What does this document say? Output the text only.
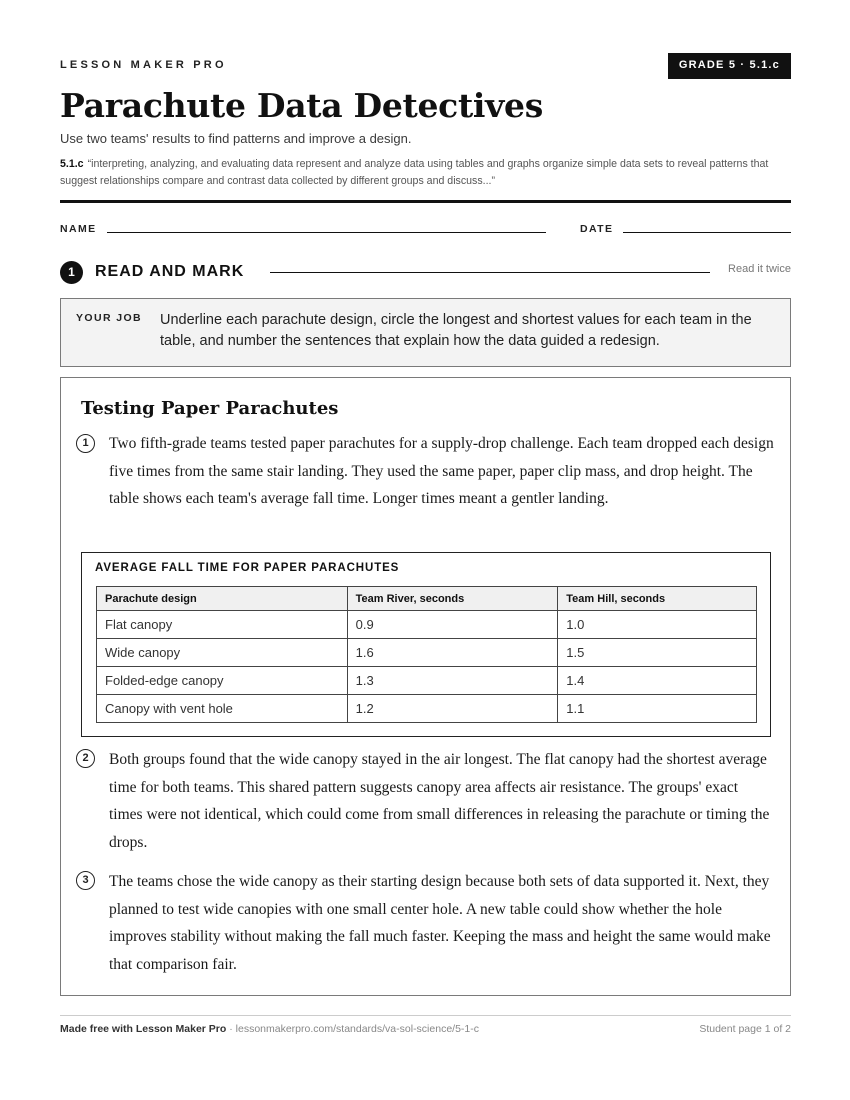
LESSON MAKER PRO	GRADE 5 · 5.1.c
Parachute Data Detectives
Use two teams' results to find patterns and improve a design.
5.1.c “interpreting, analyzing, and evaluating data represent and analyze data using tables and graphs organize simple data sets to reveal patterns that suggest relationships compare and contrast data collected by different groups and discuss...”
NAME	DATE
1	READ AND MARK	Read it twice
YOUR JOB Underline each parachute design, circle the longest and shortest values for each team in the table, and number the sentences that explain how the data guided a redesign.
Testing Paper Parachutes
1	Two fifth-grade teams tested paper parachutes for a supply-drop challenge. Each team dropped each design five times from the same stair landing. They used the same paper, paper clip mass, and drop height. The table shows each team's average fall time. Longer times meant a gentler landing.

AVERAGE FALL TIME FOR PAPER PARACHUTES
Parachute design	Team River, seconds	Team Hill, seconds
Flat canopy	0.9	1.0
Wide canopy	1.6	1.5
Folded-edge canopy	1.3	1.4
Canopy with vent hole	1.2	1.1
2	Both groups found that the wide canopy stayed in the air longest. The flat canopy had the shortest average time for both teams. This shared pattern suggests canopy area affects air resistance. The groups' exact times were not identical, which could come from small differences in releasing the parachute or timing the drops.

3	The teams chose the wide canopy as their starting design because both sets of data supported it. Next, they planned to test wide canopies with one small center hole. A new table could show whether the hole improves stability without making the fall much faster. Keeping the mass and height the same would make that comparison fair.

Made free with Lesson Maker Pro · lessonmakerpro.com/standards/va-sol-science/5-1-c	Student page 1 of 2
